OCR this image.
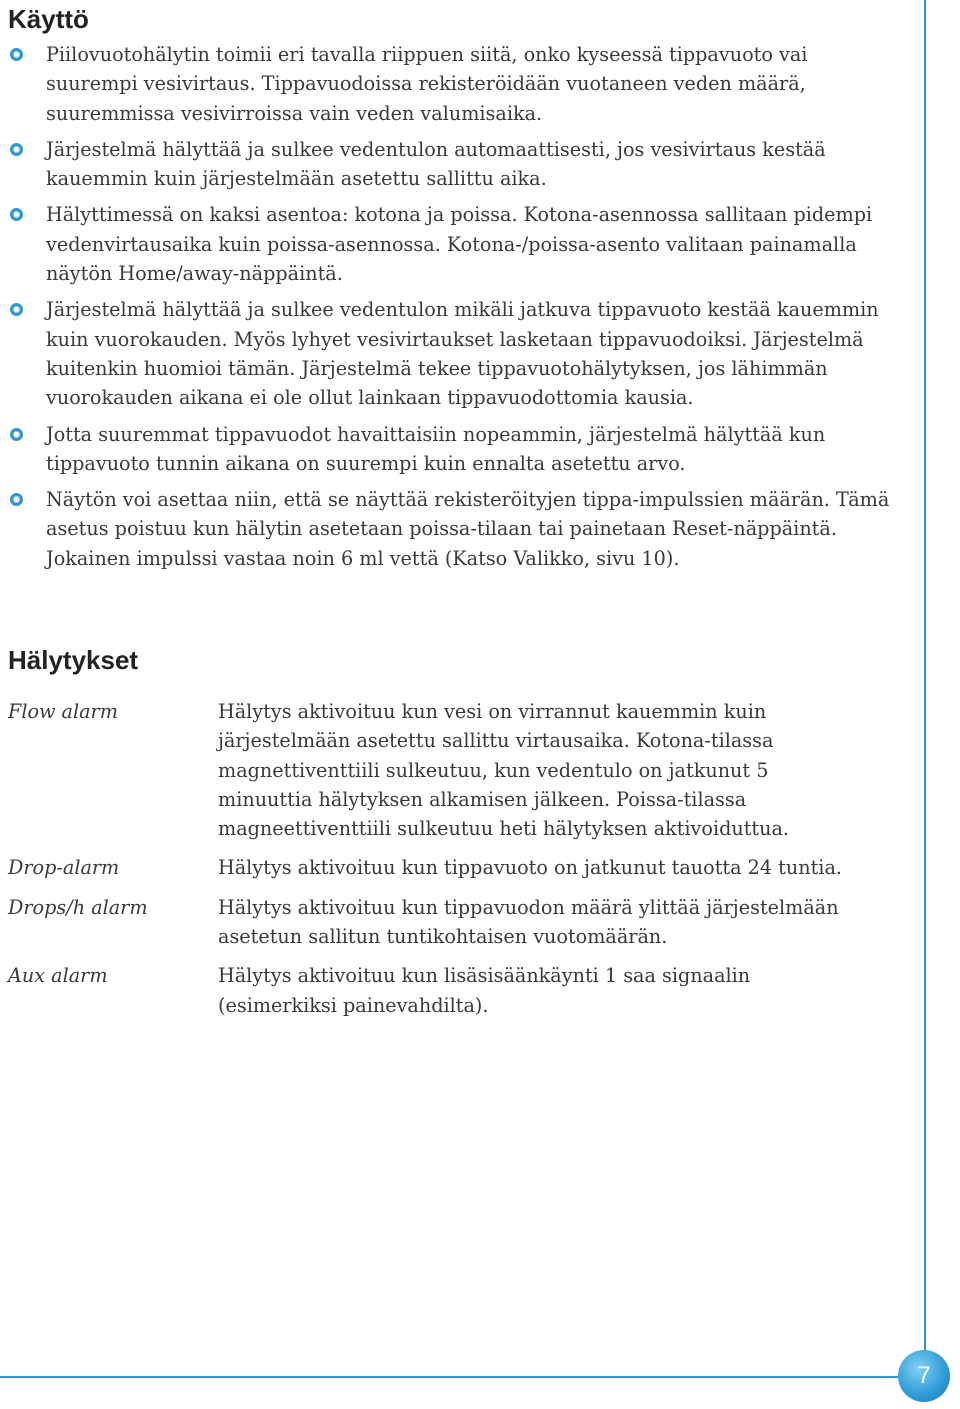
Käyttö
Piilovuotohälytin toimii eri tavalla riippuen siitä, onko kyseessä tippavuoto vai suurempi vesivirtaus. Tippavuodoissa rekisteröidään vuotaneen veden määrä, suuremmissa vesivirroissa vain veden valumisaika.
Järjestelmä hälyttää ja sulkee vedentulon automaattisesti, jos vesivirtaus kestää kauemmin kuin järjestelmään asetettu sallittu aika.
Hälyttimessä on kaksi asentoa: kotona ja poissa. Kotona-asennossa sallitaan pidempi vedenvirtausaika kuin poissa-asennossa. Kotona-/poissa-asento valitaan painamalla näytön Home/away-näppäintä.
Järjestelmä hälyttää ja sulkee vedentulon mikäli jatkuva tippavuoto kestää kauemmin kuin vuorokauden. Myös lyhyet vesivirtaukset lasketaan tippavuodoiksi. Järjestelmä kuitenkin huomioi tämän. Järjestelmä tekee tippavuotohälytyksen, jos lähimmän vuorokauden aikana ei ole ollut lainkaan tippavuodottomia kausia.
Jotta suuremmat tippavuodot havaittaisiin nopeammin, järjestelmä hälyttää kun tippavuoto tunnin aikana on suurempi kuin ennalta asetettu arvo.
Näytön voi asettaa niin, että se näyttää rekisteröityjen tippa-impulssien määrän. Tämä asetus poistuu kun hälytin asetetaan poissa-tilaan tai painetaan Reset-näppäintä. Jokainen impulssi vastaa noin 6 ml vettä (Katso Valikko, sivu 10).
Hälytykset
Flow alarm	Hälytys aktivoituu kun vesi on virrannut kauemmin kuin järjestelmään asetettu sallittu virtausaika. Kotona-tilassa magnettiventtiili sulkeutuu, kun vedentulo on jatkunut 5 minuuttia hälytyksen alkamisen jälkeen. Poissa-tilassa magneettiventtiili sulkeutuu heti hälytyksen aktivoiduttua.
Drop-alarm	Hälytys aktivoituu kun tippavuoto on jatkunut tauotta 24 tuntia.
Drops/h alarm	Hälytys aktivoituu kun tippavuodon määrä ylittää järjestelmään asetetun sallitun tuntikohtaisen vuotomäärän.
Aux alarm	Hälytys aktivoituu kun lisäsisäänkäynti 1 saa signaalin (esimerkiksi painevahdilta).
7
